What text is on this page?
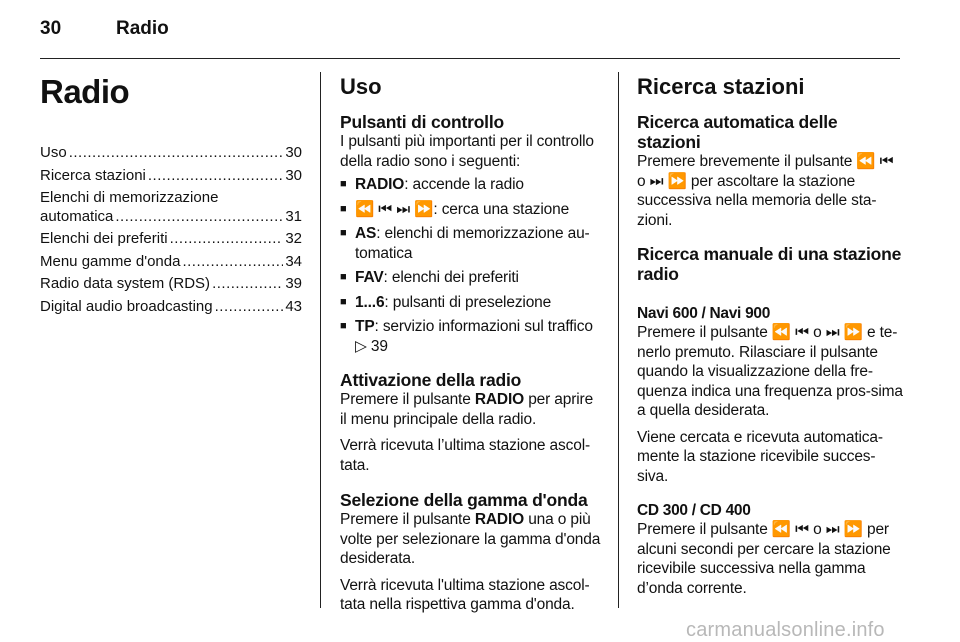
30	Radio
Radio
Uso .....	30
Ricerca stazioni .....	30
Elenchi di memorizzazione
automatica .....	31
Elenchi dei preferiti .....	32
Menu gamme d'onda .....	34
Radio data system (RDS) .....	39
Digital audio broadcasting .....	43
Uso
Pulsanti di controllo

I pulsanti più importanti per il controllo della radio sono i seguenti:

■ RADIO: accende la radio
■ ⏪ ⏮ ⏭ ⏩: cerca una stazione
■ AS: elenchi di memorizzazione au-tomatica
■ FAV: elenchi dei preferiti
■ 1...6: pulsanti di preselezione
■ TP: servizio informazioni sul traffico
▷ 39
Attivazione della radio

Premere il pulsante RADIO per aprire il menu principale della radio.

Verrà ricevuta l’ultima stazione ascol-tata.

Selezione della gamma d'onda

Premere il pulsante RADIO una o più volte per selezionare la gamma d'onda desiderata.

Verrà ricevuta l'ultima stazione ascol-tata nella rispettiva gamma d'onda.

Ricerca stazioni
Ricerca automatica delle stazioni

Premere brevemente il pulsante ⏪ ⏮ o ⏭ ⏩ per ascoltare la stazione successiva nella memoria delle sta-zioni.

Ricerca manuale di una stazione radio
Navi 600 / Navi 900

Premere il pulsante ⏪ ⏮ o ⏭ ⏩ e te-nerlo premuto. Rilasciare il pulsante quando la visualizzazione della fre-quenza indica una frequenza pros-sima a quella desiderata.

Viene cercata e ricevuta automatica-mente la stazione ricevibile succes-siva.

CD 300 / CD 400

Premere il pulsante ⏪ ⏮ o ⏭ ⏩ per alcuni secondi per cercare la stazione ricevibile successiva nella gamma d’onda corrente.

carmanualsonline.info
